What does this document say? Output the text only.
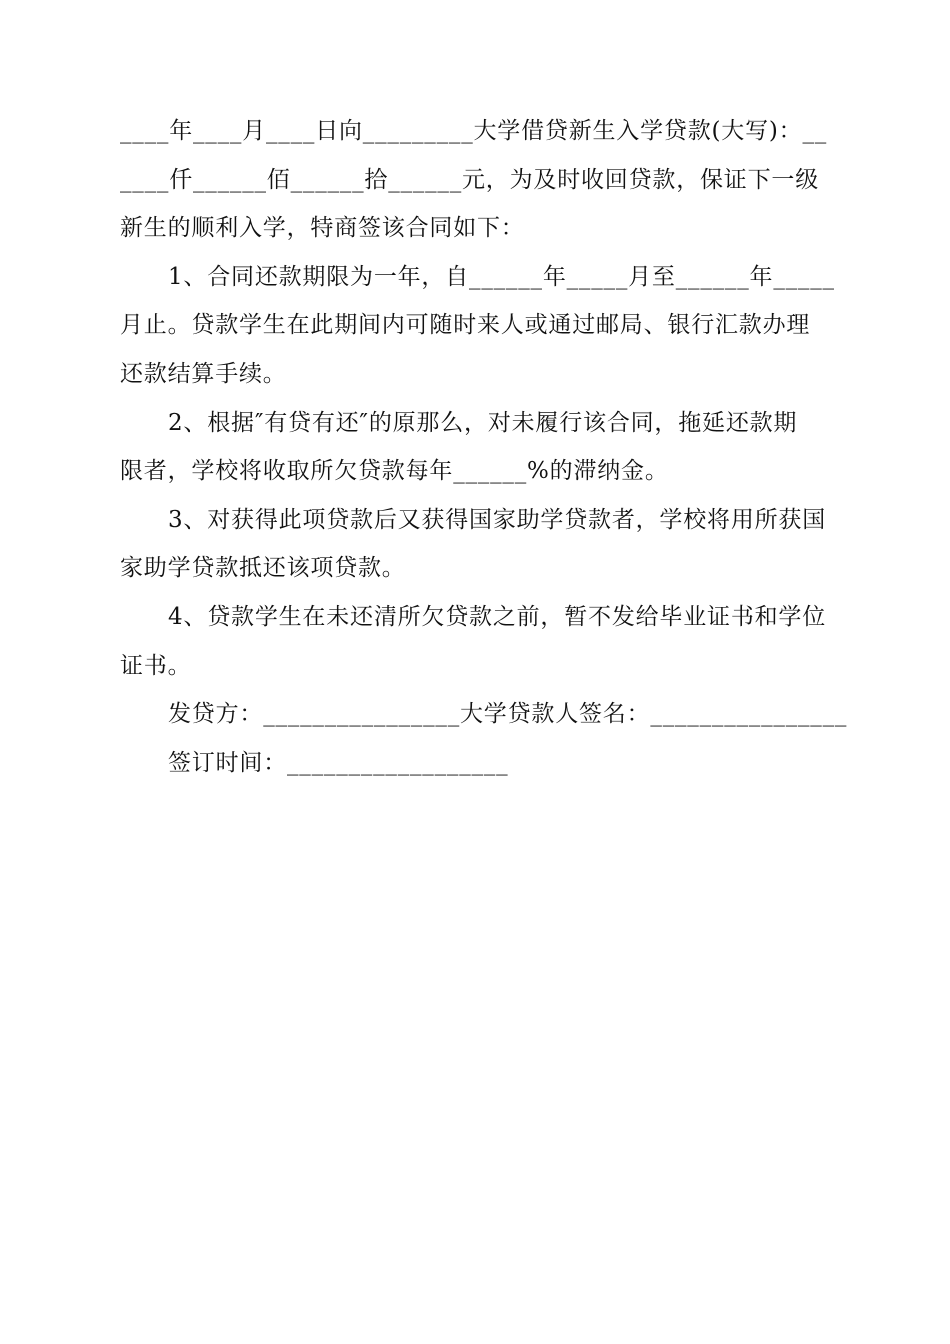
____年____月____日向_________大学借贷新生入学贷款(大写)：__
____仟______佰______拾______元，为及时收回贷款，保证下一级
新生的顺利入学，特商签该合同如下：
1、合同还款期限为一年，自______年_____月至______年_____
月止。贷款学生在此期间内可随时来人或通过邮局、银行汇款办理
还款结算手续。
2、根据″有贷有还″的原那么，对未履行该合同，拖延还款期
限者，学校将收取所欠贷款每年______%的滞纳金。
3、对获得此项贷款后又获得国家助学贷款者，学校将用所获国
家助学贷款抵还该项贷款。
4、贷款学生在未还清所欠贷款之前，暂不发给毕业证书和学位
证书。
发贷方：________________大学贷款人签名：________________
签订时间：__________________
